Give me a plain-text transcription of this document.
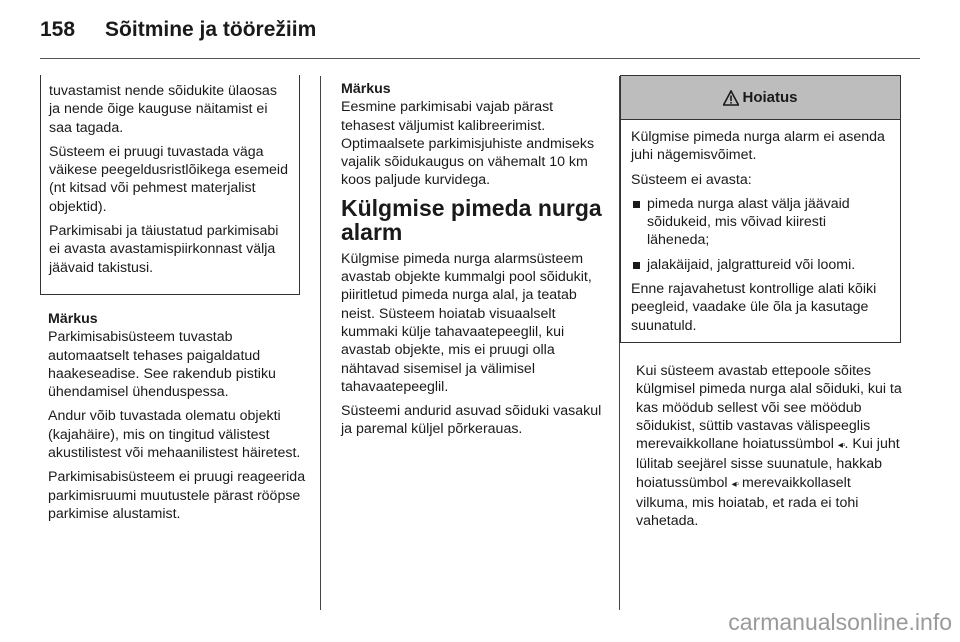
158 Sõitmine ja töörežiim

tuvastamist nende sõidukite ülaosas ja nende õige kauguse näitamist ei saa tagada.

Süsteem ei pruugi tuvastada väga väikese peegeldusristlõikega esemeid (nt kitsad või pehmest materjalist objektid).

Parkimisabi ja täiustatud parkimisabi ei avasta avastamispiirkonnast välja jäävaid takistusi.

Märkus

Parkimisabisüsteem tuvastab automaatselt tehases paigaldatud haakeseadise. See rakendub pistiku ühendamisel ühenduspessa.

Andur võib tuvastada olematu objekti (kajahäire), mis on tingitud välistest akustilistest või mehaanilistest häiretest.

Parkimisabisüsteem ei pruugi reageerida parkimisruumi muutustele pärast rööpse parkimise alustamist.

Märkus

Eesmine parkimisabi vajab pärast tehasest väljumist kalibreerimist. Optimaalsete parkimisjuhiste andmiseks vajalik sõidukaugus on vähemalt 10 km koos paljude kurvidega.

Külgmise pimeda nurga alarm

Külgmise pimeda nurga alarmsüsteem avastab objekte kummalgi pool sõidukit, piiritletud pimeda nurga alal, ja teatab neist. Süsteem hoiatab visuaalselt kummaki külje tahavaatepeeglil, kui avastab objekte, mis ei pruugi olla nähtavad sisemisel ja välimisel tahavaatepeeglil.

Süsteemi andurid asuvad sõiduki vasakul ja paremal küljel põrkerauas.

Hoiatus

Külgmise pimeda nurga alarm ei asenda juhi nägemisvõimet.

Süsteem ei avasta:

pimeda nurga alast välja jäävaid sõidukeid, mis võivad kiiresti läheneda;
jalakäijaid, jalgrattureid või loomi.

Enne rajavahetust kontrollige alati kõiki peegleid, vaadake üle õla ja kasutage suunatuld.

Kui süsteem avastab ettepoole sõites külgmisel pimeda nurga alal sõiduki, kui ta kas möödub sellest või see möödub sõidukist, süttib vastavas välispeeglis merevaikkollane hoiatussümbol ◂▫. Kui juht lülitab seejärel sisse suunatule, hakkab hoiatussümbol ◂▫ merevaikkollaselt vilkuma, mis hoiatab, et rada ei tohi vahetada.

carmanualsonline.info
